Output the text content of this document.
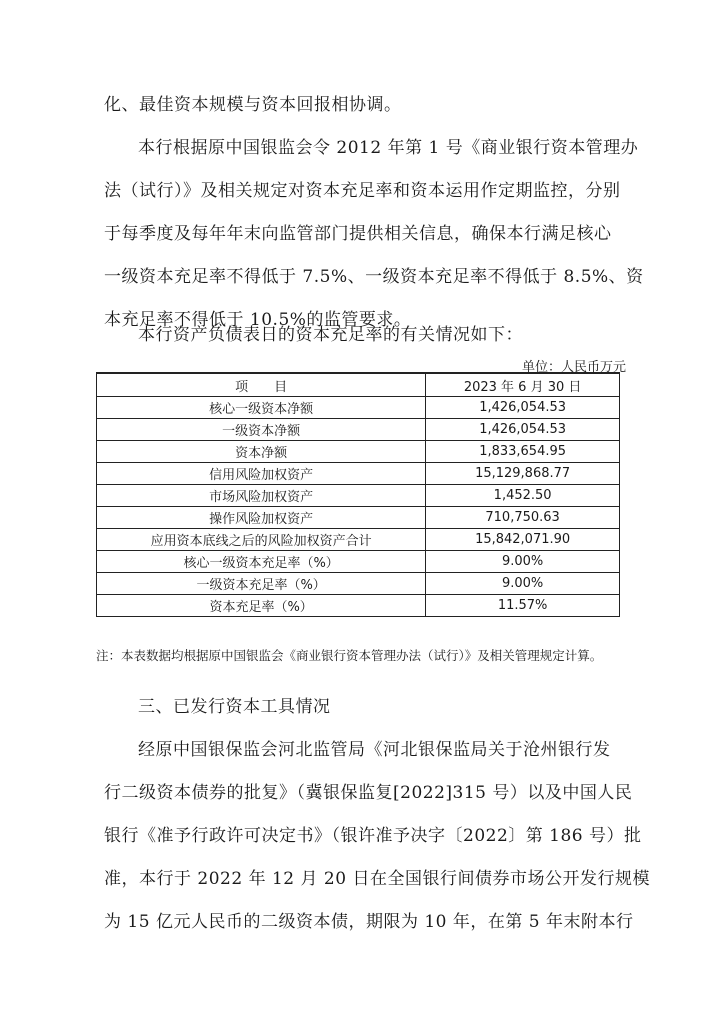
化、最佳资本规模与资本回报相协调。
本行根据原中国银监会令 2012 年第 1 号《商业银行资本管理办
法（试行）》及相关规定对资本充足率和资本运用作定期监控，分别
于每季度及每年年末向监管部门提供相关信息，确保本行满足核心
一级资本充足率不得低于 7.5%、一级资本充足率不得低于 8.5%、资
本充足率不得低于 10.5%的监管要求。
本行资产负债表日的资本充足率的有关情况如下：
单位：人民币万元
项　　目	2023 年 6 月 30 日
核心一级资本净额	1,426,054.53
一级资本净额	1,426,054.53
资本净额	1,833,654.95
信用风险加权资产	15,129,868.77
市场风险加权资产	1,452.50
操作风险加权资产	710,750.63
应用资本底线之后的风险加权资产合计	15,842,071.90
核心一级资本充足率（%）	9.00%
一级资本充足率（%）	9.00%
资本充足率（%）	11.57%
注：本表数据均根据原中国银监会《商业银行资本管理办法（试行）》及相关管理规定计算。
三、已发行资本工具情况
经原中国银保监会河北监管局《河北银保监局关于沧州银行发
行二级资本债券的批复》（冀银保监复[2022]315 号）以及中国人民
银行《准予行政许可决定书》（银许准予决字〔2022〕第 186 号）批
准，本行于 2022 年 12 月 20 日在全国银行间债券市场公开发行规模
为 15 亿元人民币的二级资本债，期限为 10 年，在第 5 年末附本行
